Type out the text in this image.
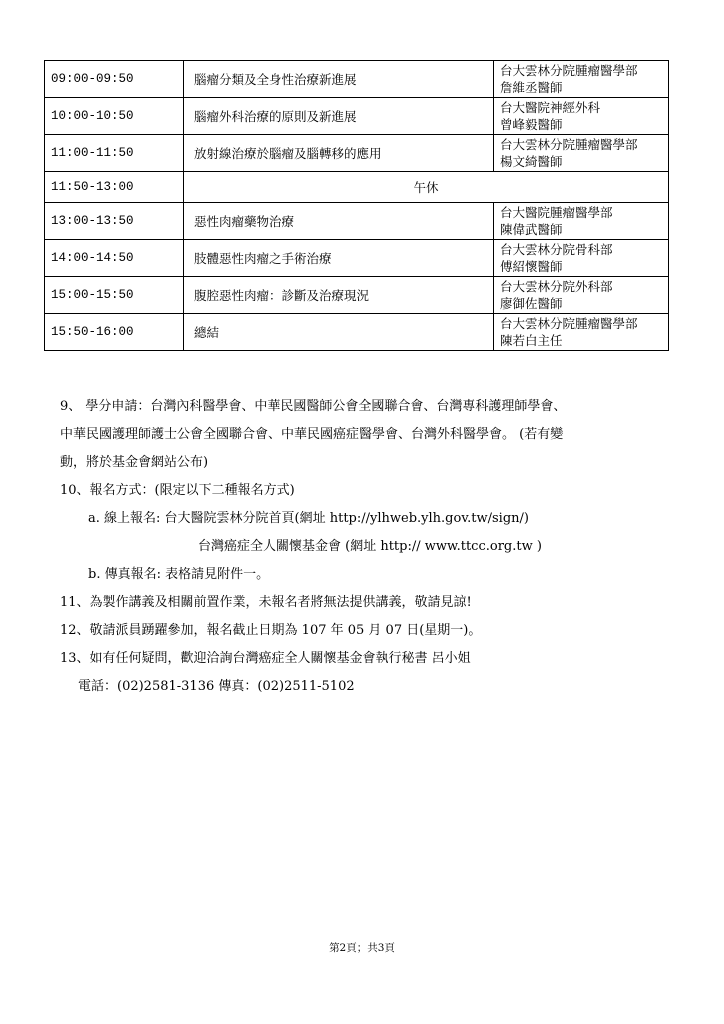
09:00-09:50	腦瘤分類及全身性治療新進展	台大雲林分院腫瘤醫學部
詹維丞醫師

10:00-10:50	腦瘤外科治療的原則及新進展	台大醫院神經外科
曾峰毅醫師

11:00-11:50	放射線治療於腦瘤及腦轉移的應用	台大雲林分院腫瘤醫學部
楊文綺醫師

11:50-13:00	午休	
13:00-13:50	惡性肉瘤藥物治療	台大醫院腫瘤醫學部
陳偉武醫師

14:00-14:50	肢體惡性肉瘤之手術治療	台大雲林分院骨科部
傅紹懷醫師

15:00-15:50	腹腔惡性肉瘤：診斷及治療現況	台大雲林分院外科部
廖御佐醫師

15:50-16:00	總結	台大雲林分院腫瘤醫學部
陳若白主任

9、 學分申請：台灣內科醫學會、中華民國醫師公會全國聯合會、台灣專科護理師學會、

中華民國護理師護士公會全國聯合會、中華民國癌症醫學會、台灣外科醫學會。 (若有變

動，將於基金會網站公布)

10、報名方式：(限定以下二種報名方式)

a. 線上報名: 台大醫院雲林分院首頁(網址 http://ylhweb.ylh.gov.tw/sign/)

台灣癌症全人關懷基金會 (網址 http:// www.ttcc.org.tw )

b. 傳真報名: 表格請見附件一。

11、為製作講義及相關前置作業，未報名者將無法提供講義，敬請見諒!

12、敬請派員踴躍參加，報名截止日期為 107 年 05 月 07 日(星期一)。

13、如有任何疑問，歡迎洽詢台灣癌症全人關懷基金會執行秘書 呂小姐

電話：(02)2581-3136 傳真：(02)2511-5102

第2頁；共3頁
